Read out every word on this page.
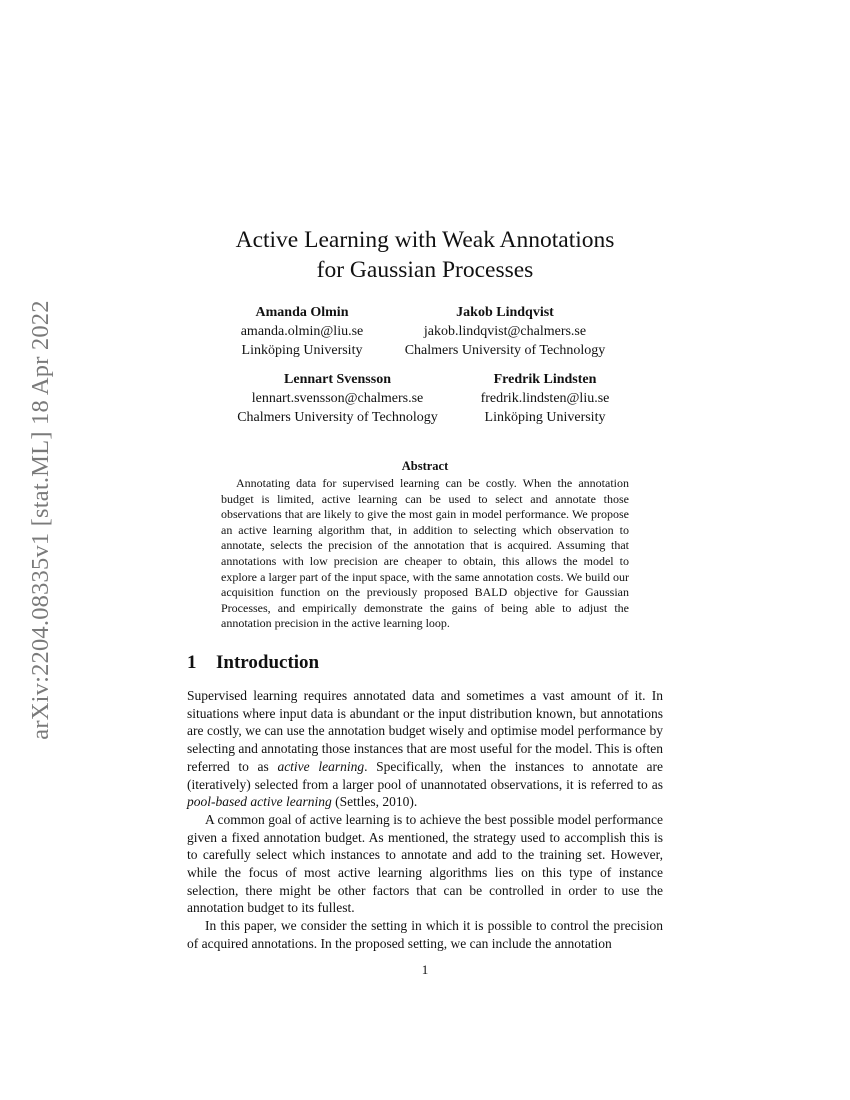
arXiv:2204.08335v1 [stat.ML] 18 Apr 2022
Active Learning with Weak Annotations
for Gaussian Processes
Amanda Olmin
amanda.olmin@liu.se
Linköping University
Jakob Lindqvist
jakob.lindqvist@chalmers.se
Chalmers University of Technology
Lennart Svensson
lennart.svensson@chalmers.se
Chalmers University of Technology
Fredrik Lindsten
fredrik.lindsten@liu.se
Linköping University
Abstract
Annotating data for supervised learning can be costly. When the annotation budget is limited, active learning can be used to select and annotate those observations that are likely to give the most gain in model performance. We propose an active learning algorithm that, in addition to selecting which observation to annotate, selects the precision of the annotation that is acquired. Assuming that annotations with low precision are cheaper to obtain, this allows the model to explore a larger part of the input space, with the same annotation costs. We build our acquisition function on the previously proposed BALD objective for Gaussian Processes, and empirically demonstrate the gains of being able to adjust the annotation precision in the active learning loop.
1 Introduction

Supervised learning requires annotated data and sometimes a vast amount of it. In situations where input data is abundant or the input distribution known, but annotations are costly, we can use the annotation budget wisely and optimise model performance by selecting and annotating those instances that are most useful for the model. This is often referred to as active learning. Specifically, when the instances to annotate are (iteratively) selected from a larger pool of unannotated observations, it is referred to as pool-based active learning (Settles, 2010).

A common goal of active learning is to achieve the best possible model performance given a fixed annotation budget. As mentioned, the strategy used to accomplish this is to carefully select which instances to annotate and add to the training set. However, while the focus of most active learning algorithms lies on this type of instance selection, there might be other factors that can be controlled in order to use the annotation budget to its fullest.

In this paper, we consider the setting in which it is possible to control the precision of acquired annotations. In the proposed setting, we can include the annotation

1
